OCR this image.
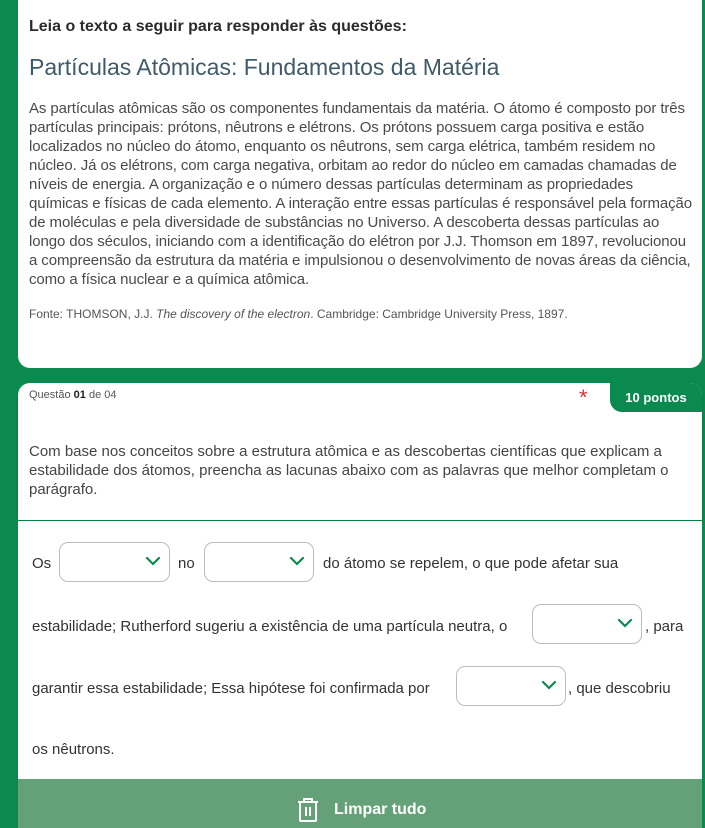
Leia o texto a seguir para responder às questões:
Partículas Atômicas: Fundamentos da Matéria
As partículas atômicas são os componentes fundamentais da matéria. O átomo é composto por três partículas principais: prótons, nêutrons e elétrons. Os prótons possuem carga positiva e estão localizados no núcleo do átomo, enquanto os nêutrons, sem carga elétrica, também residem no núcleo. Já os elétrons, com carga negativa, orbitam ao redor do núcleo em camadas chamadas de níveis de energia. A organização e o número dessas partículas determinam as propriedades químicas e físicas de cada elemento. A interação entre essas partículas é responsável pela formação de moléculas e pela diversidade de substâncias no Universo. A descoberta dessas partículas ao longo dos séculos, iniciando com a identificação do elétron por J.J. Thomson em 1897, revolucionou a compreensão da estrutura da matéria e impulsionou o desenvolvimento de novas áreas da ciência, como a física nuclear e a química atômica.
Fonte: THOMSON, J.J. The discovery of the electron. Cambridge: Cambridge University Press, 1897.
Questão 01 de 04	*	10 pontos
Com base nos conceitos sobre a estrutura atômica e as descobertas científicas que explicam a estabilidade dos átomos, preencha as lacunas abaixo com as palavras que melhor completam o parágrafo.
Os	no	do átomo se repelem, o que pode afetar sua
estabilidade; Rutherford sugeriu a existência de uma partícula neutra, o	, para
garantir essa estabilidade; Essa hipótese foi confirmada por	, que descobriu
os nêutrons.
Limpar tudo
